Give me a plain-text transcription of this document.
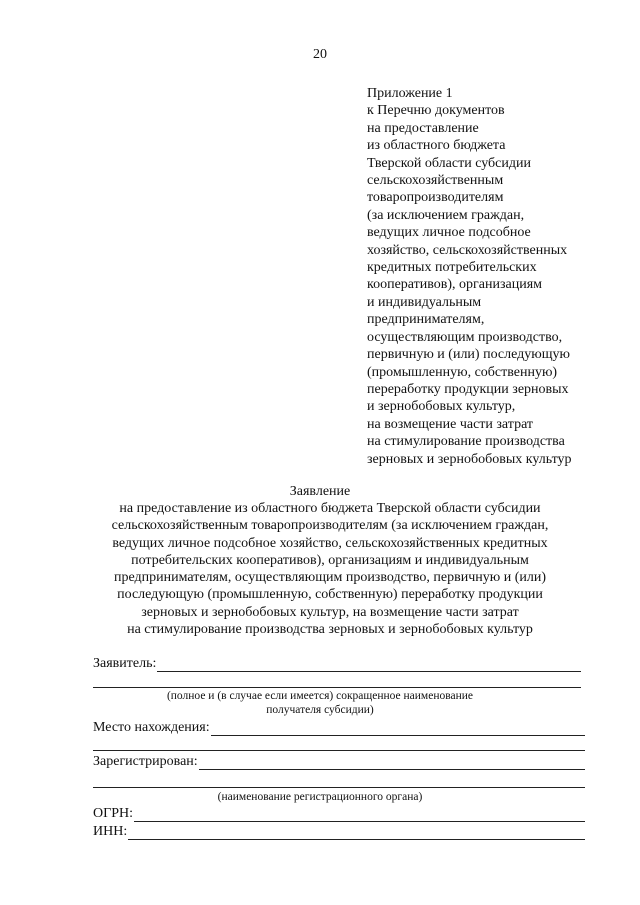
20
Приложение 1
к Перечню документов
на предоставление
из областного бюджета
Тверской области субсидии
сельскохозяйственным
товаропроизводителям
(за исключением граждан,
ведущих личное подсобное
хозяйство, сельскохозяйственных
кредитных потребительских
кооперативов), организациям
и индивидуальным
предпринимателям,
осуществляющим производство,
первичную и (или) последующую
(промышленную, собственную)
переработку продукции зерновых
и зернобобовых культур,
на возмещение части затрат
на стимулирование производства
зерновых и зернобобовых культур
Заявление
на предоставление из областного бюджета Тверской области субсидии
сельскохозяйственным товаропроизводителям (за исключением граждан,
ведущих личное подсобное хозяйство, сельскохозяйственных кредитных
потребительских кооперативов), организациям и индивидуальным
предпринимателям, осуществляющим производство, первичную и (или)
последующую (промышленную, собственную) переработку продукции
зерновых и зернобобовых культур, на возмещение части затрат
на стимулирование производства зерновых и зернобобовых культур
Заявитель:
(полное и (в случае если имеется) сокращенное наименование
получателя субсидии)
Место нахождения:
Зарегистрирован:
(наименование регистрационного органа)
ОГРН:
ИНН:
